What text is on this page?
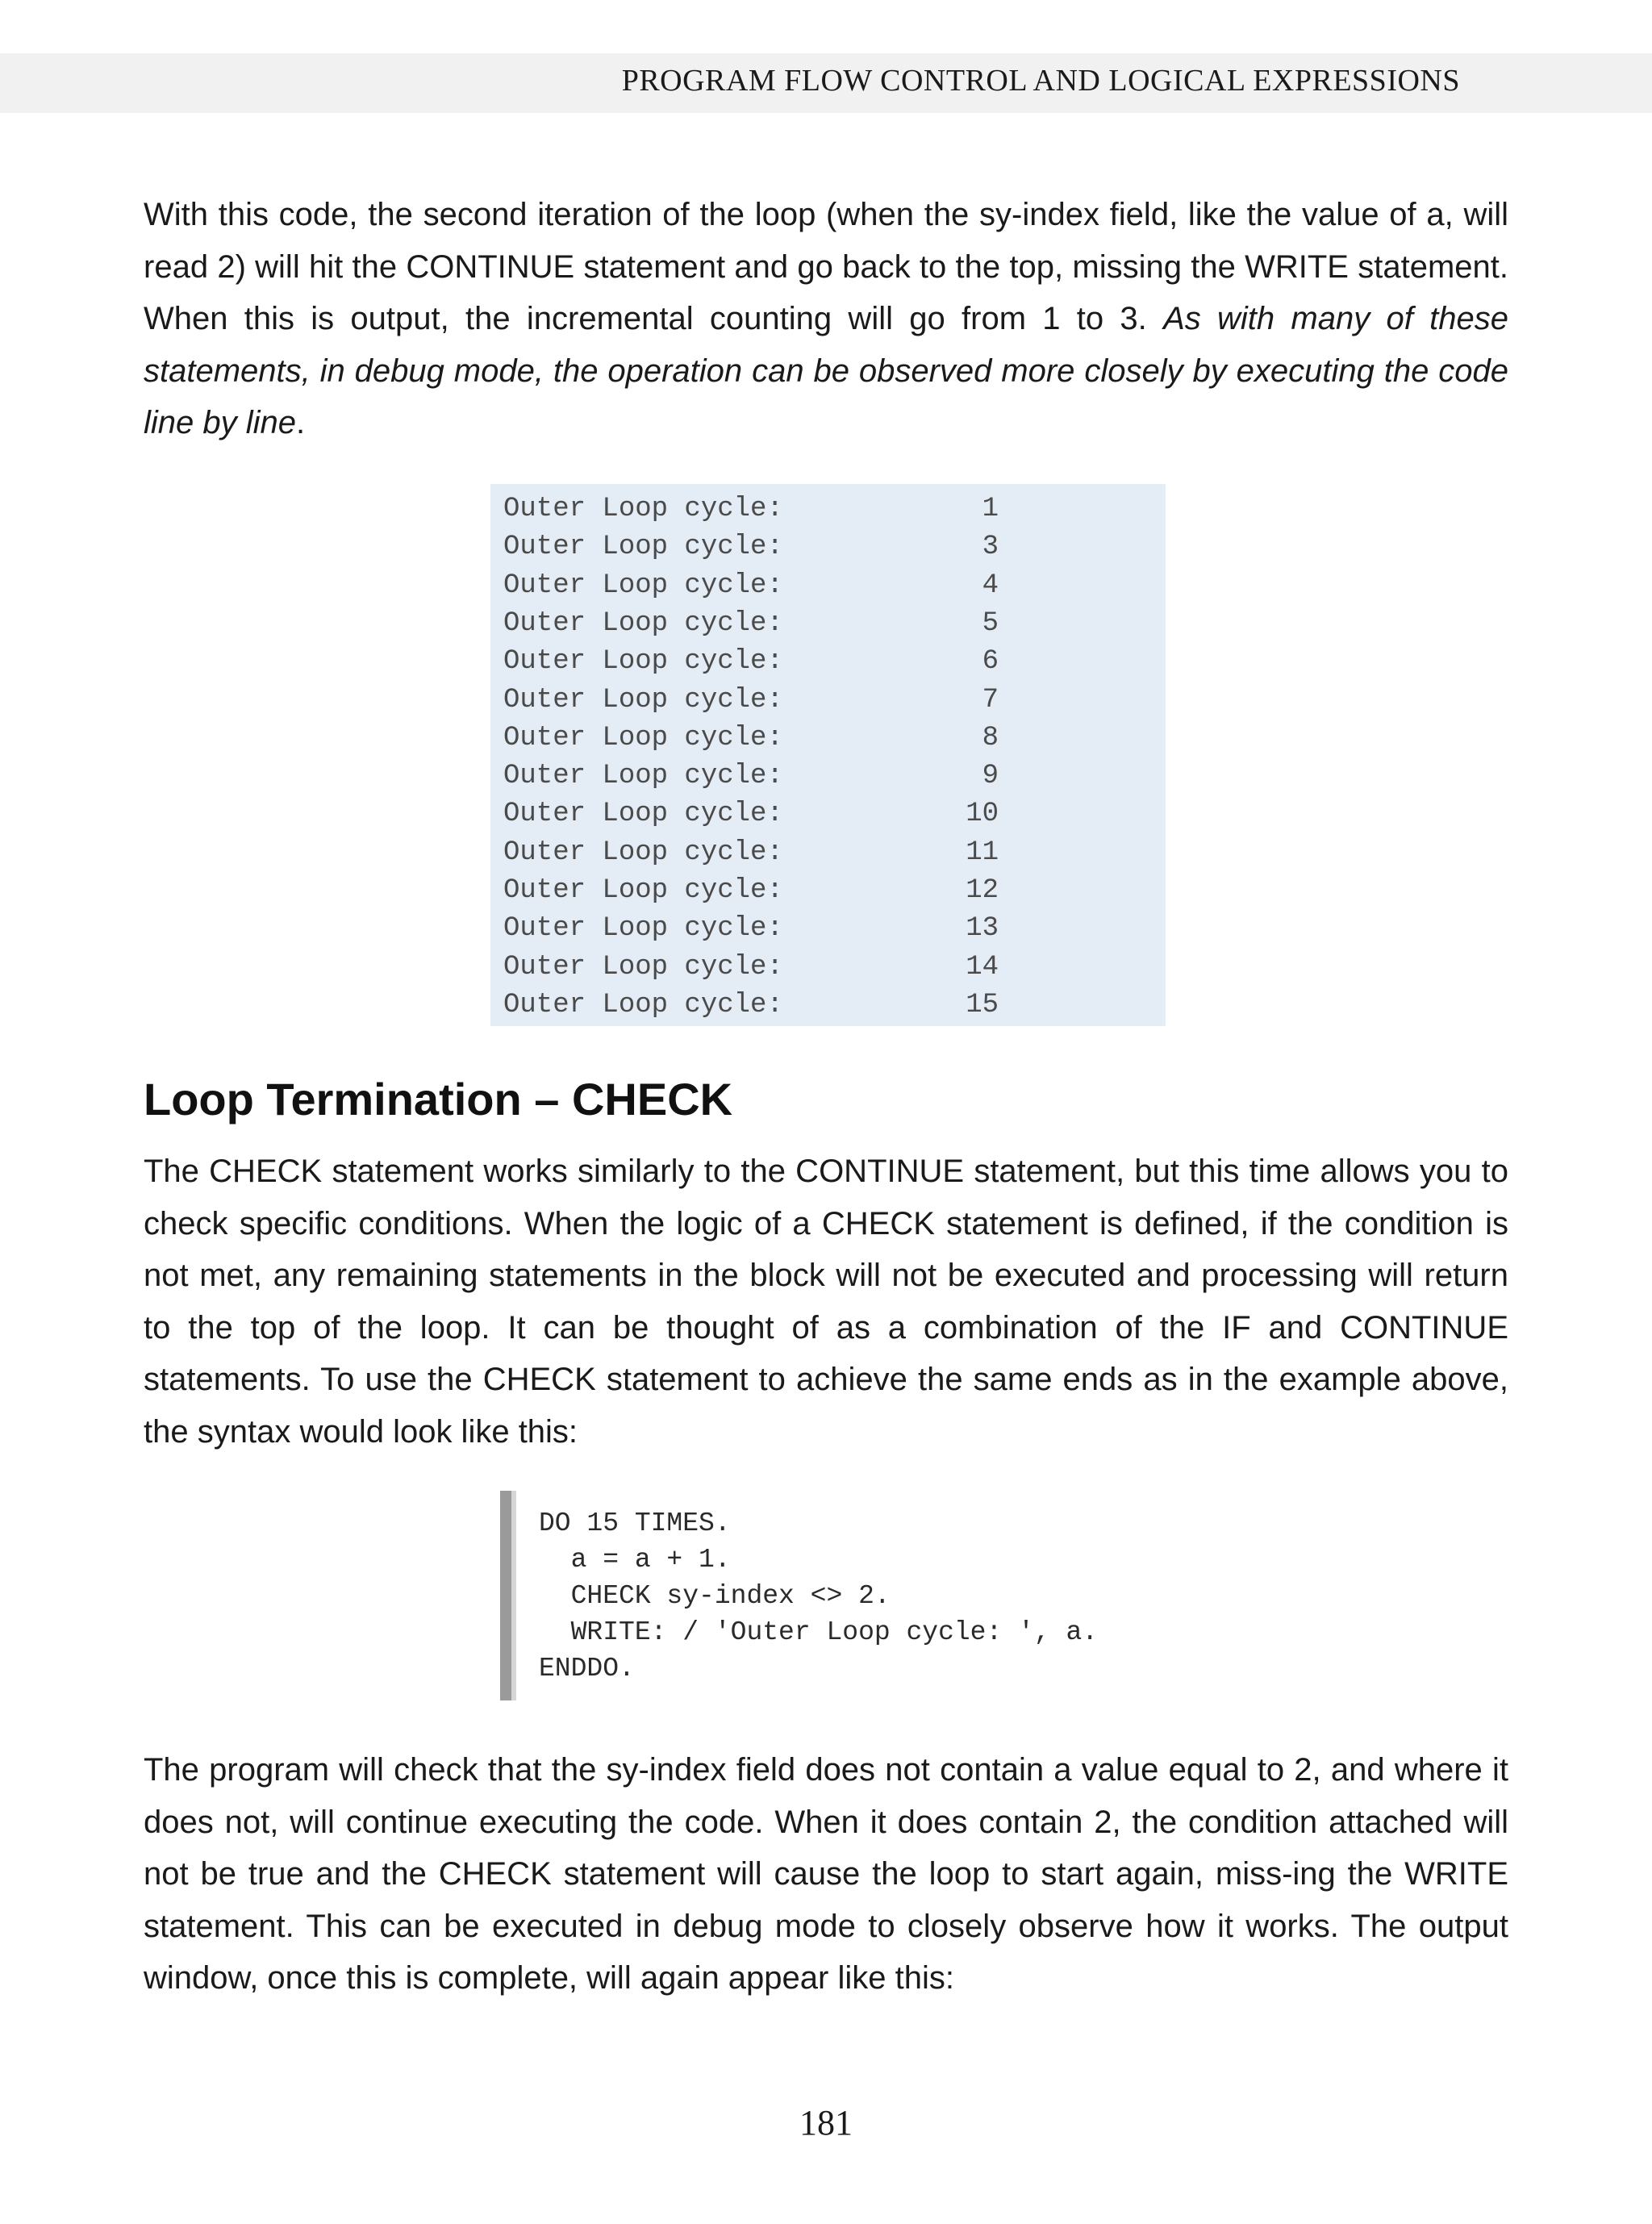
PROGRAM FLOW CONTROL AND LOGICAL EXPRESSIONS

With this code, the second iteration of the loop (when the sy-index field, like the value of a, will read 2) will hit the CONTINUE statement and go back to the top, missing the WRITE statement. When this is output, the incremental counting will go from 1 to 3. As with many of these statements, in debug mode, the operation can be observed more closely by executing the code line by line.

Outer Loop cycle:	1
Outer Loop cycle:	3
Outer Loop cycle:	4
Outer Loop cycle:	5
Outer Loop cycle:	6
Outer Loop cycle:	7
Outer Loop cycle:	8
Outer Loop cycle:	9
Outer Loop cycle:	10
Outer Loop cycle:	11
Outer Loop cycle:	12
Outer Loop cycle:	13
Outer Loop cycle:	14
Outer Loop cycle:	15
Loop Termination – CHECK

The CHECK statement works similarly to the CONTINUE statement, but this time allows you to check specific conditions. When the logic of a CHECK statement is defined, if the condition is not met, any remaining statements in the block will not be executed and processing will return to the top of the loop. It can be thought of as a combination of the IF and CONTINUE statements. To use the CHECK statement to achieve the same ends as in the example above, the syntax would look like this:

DO 15 TIMES.
a = a + 1.
CHECK sy-index <> 2.
WRITE: / 'Outer Loop cycle: ', a.
ENDDO.

The program will check that the sy-index field does not contain a value equal to 2, and where it does not, will continue executing the code. When it does contain 2, the condition attached will not be true and the CHECK statement will cause the loop to start again, miss-ing the WRITE statement. This can be executed in debug mode to closely observe how it works. The output window, once this is complete, will again appear like this:

181
